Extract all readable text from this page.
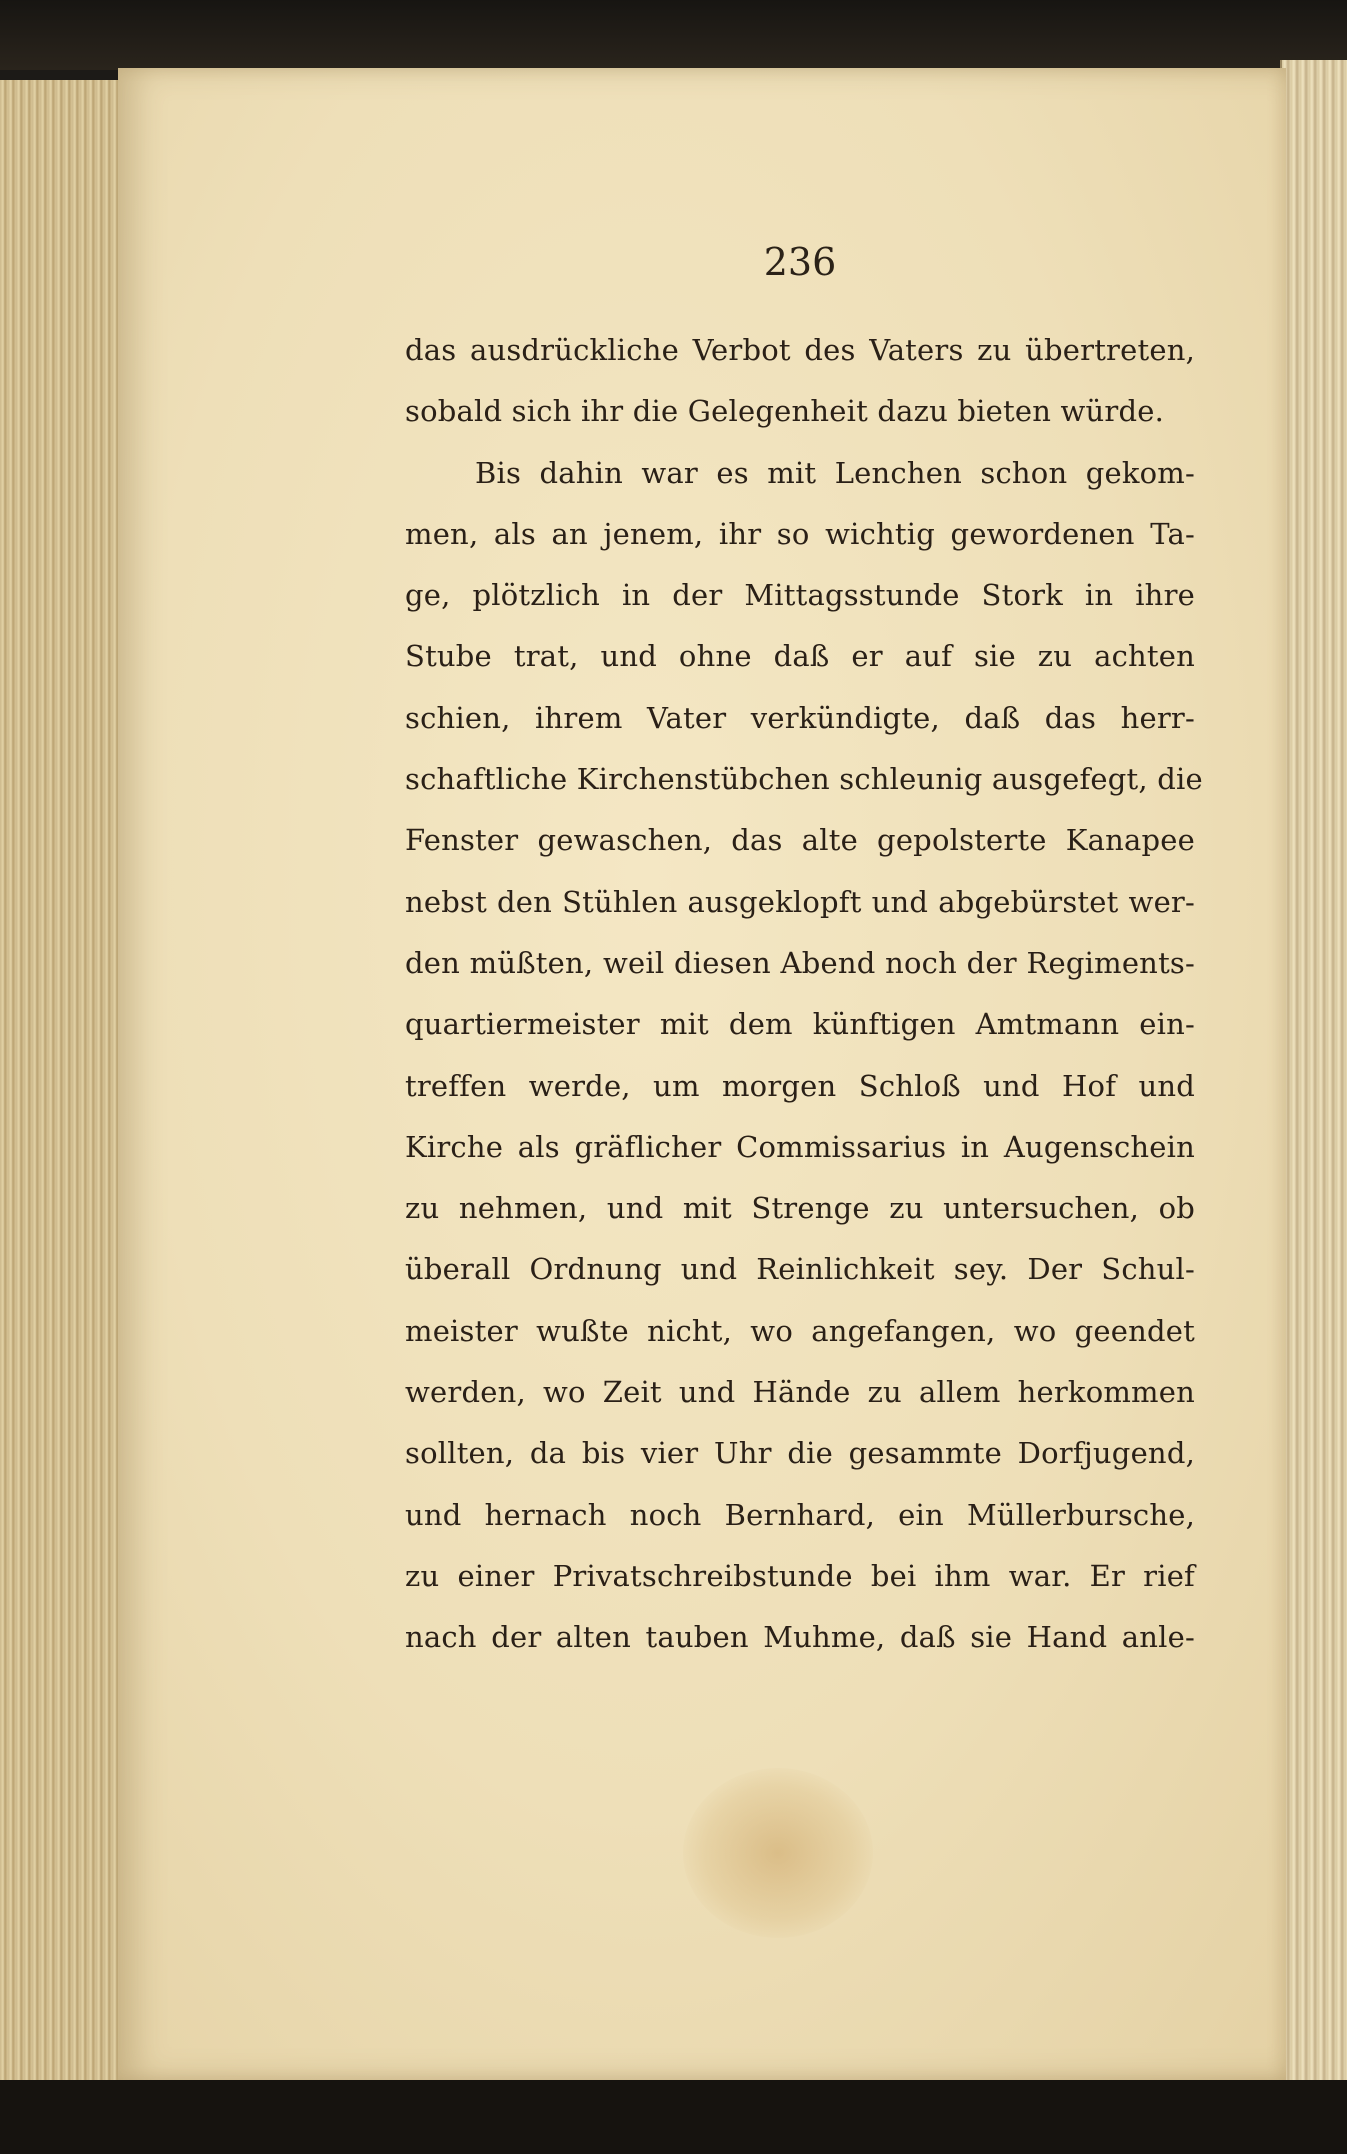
236
das ausdrückliche Verbot des Vaters zu übertreten,
sobald sich ihr die Gelegenheit dazu bieten würde.
Bis dahin war es mit Lenchen schon gekom-
men, als an jenem, ihr so wichtig gewordenen Ta-
ge, plötzlich in der Mittagsstunde Stork in ihre
Stube trat, und ohne daß er auf sie zu achten
schien, ihrem Vater verkündigte, daß das herr-
schaftliche Kirchenstübchen schleunig ausgefegt, die
Fenster gewaschen, das alte gepolsterte Kanapee
nebst den Stühlen ausgeklopft und abgebürstet wer-
den müßten, weil diesen Abend noch der Regiments-
quartiermeister mit dem künftigen Amtmann ein-
treffen werde, um morgen Schloß und Hof und
Kirche als gräflicher Commissarius in Augenschein
zu nehmen, und mit Strenge zu untersuchen, ob
überall Ordnung und Reinlichkeit sey. Der Schul-
meister wußte nicht, wo angefangen, wo geendet
werden, wo Zeit und Hände zu allem herkommen
sollten, da bis vier Uhr die gesammte Dorfjugend,
und hernach noch Bernhard, ein Müllerbursche,
zu einer Privatschreibstunde bei ihm war. Er rief
nach der alten tauben Muhme, daß sie Hand anle-
